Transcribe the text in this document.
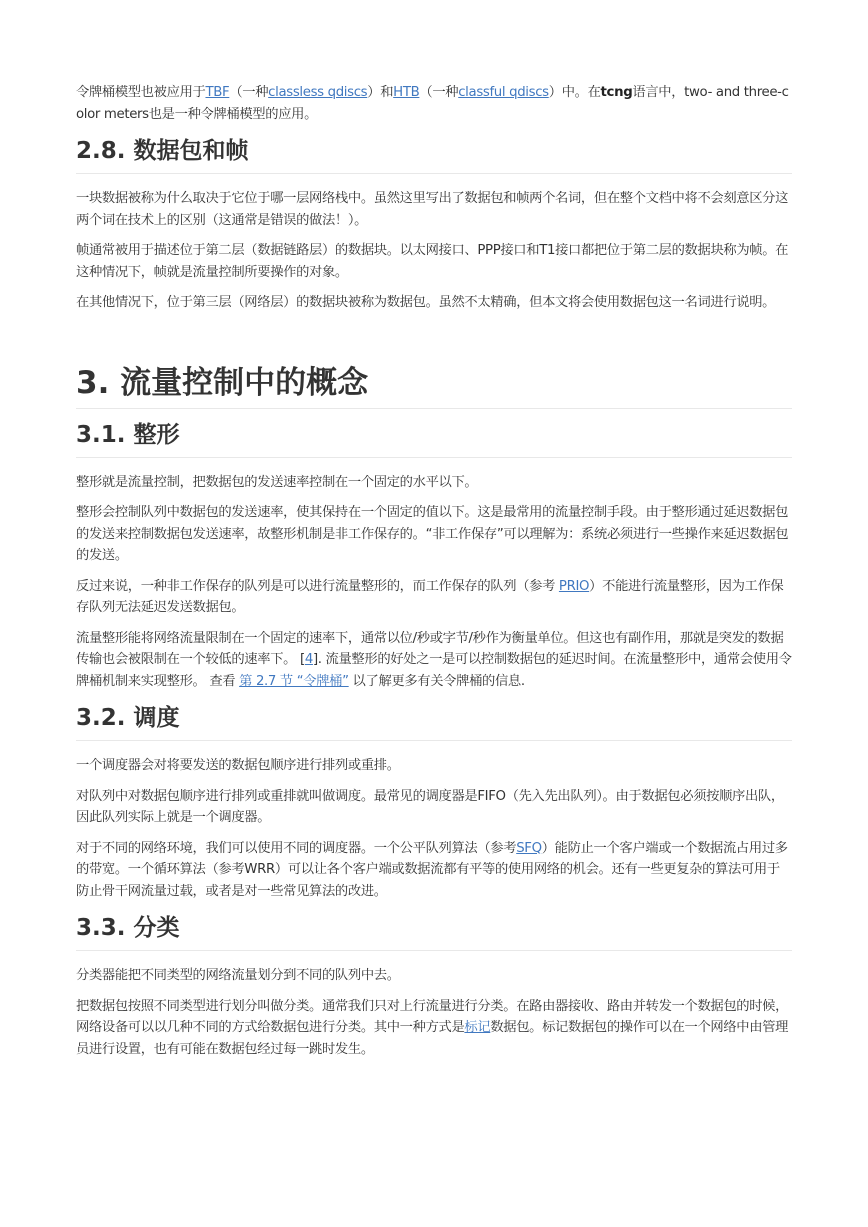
令牌桶模型也被应用于TBF（一种classless qdiscs）和HTB（一种classful qdiscs）中。在tcng语言中，two- and three-color meters也是一种令牌桶模型的应用。

2.8. 数据包和帧

一块数据被称为什么取决于它位于哪一层网络栈中。虽然这里写出了数据包和帧两个名词，但在整个文档中将不会刻意区分这两个词在技术上的区别（这通常是错误的做法！）。

帧通常被用于描述位于第二层（数据链路层）的数据块。以太网接口、PPP接口和T1接口都把位于第二层的数据块称为帧。在这种情况下，帧就是流量控制所要操作的对象。

在其他情况下，位于第三层（网络层）的数据块被称为数据包。虽然不太精确，但本文将会使用数据包这一名词进行说明。

3. 流量控制中的概念
3.1. 整形

整形就是流量控制，把数据包的发送速率控制在一个固定的水平以下。

整形会控制队列中数据包的发送速率，使其保持在一个固定的值以下。这是最常用的流量控制手段。由于整形通过延迟数据包的发送来控制数据包发送速率，故整形机制是非工作保存的。“非工作保存”可以理解为：系统必须进行一些操作来延迟数据包的发送。

反过来说，一种非工作保存的队列是可以进行流量整形的，而工作保存的队列（参考 PRIO）不能进行流量整形，因为工作保存队列无法延迟发送数据包。

流量整形能将网络流量限制在一个固定的速率下，通常以位/秒或字节/秒作为衡量单位。但这也有副作用，那就是突发的数据传输也会被限制在一个较低的速率下。 [4]. 流量整形的好处之一是可以控制数据包的延迟时间。在流量整形中，通常会使用令牌桶机制来实现整形。 查看 第 2.7 节 “令牌桶” 以了解更多有关令牌桶的信息.

3.2. 调度

一个调度器会对将要发送的数据包顺序进行排列或重排。

对队列中对数据包顺序进行排列或重排就叫做调度。最常见的调度器是FIFO（先入先出队列）。由于数据包必须按顺序出队，因此队列实际上就是一个调度器。

对于不同的网络环境，我们可以使用不同的调度器。一个公平队列算法（参考SFQ）能防止一个客户端或一个数据流占用过多的带宽。一个循环算法（参考WRR）可以让各个客户端或数据流都有平等的使用网络的机会。还有一些更复杂的算法可用于防止骨干网流量过载，或者是对一些常见算法的改进。

3.3. 分类

分类器能把不同类型的网络流量划分到不同的队列中去。

把数据包按照不同类型进行划分叫做分类。通常我们只对上行流量进行分类。在路由器接收、路由并转发一个数据包的时候，网络设备可以以几种不同的方式给数据包进行分类。其中一种方式是标记数据包。标记数据包的操作可以在一个网络中由管理员进行设置，也有可能在数据包经过每一跳时发生。
